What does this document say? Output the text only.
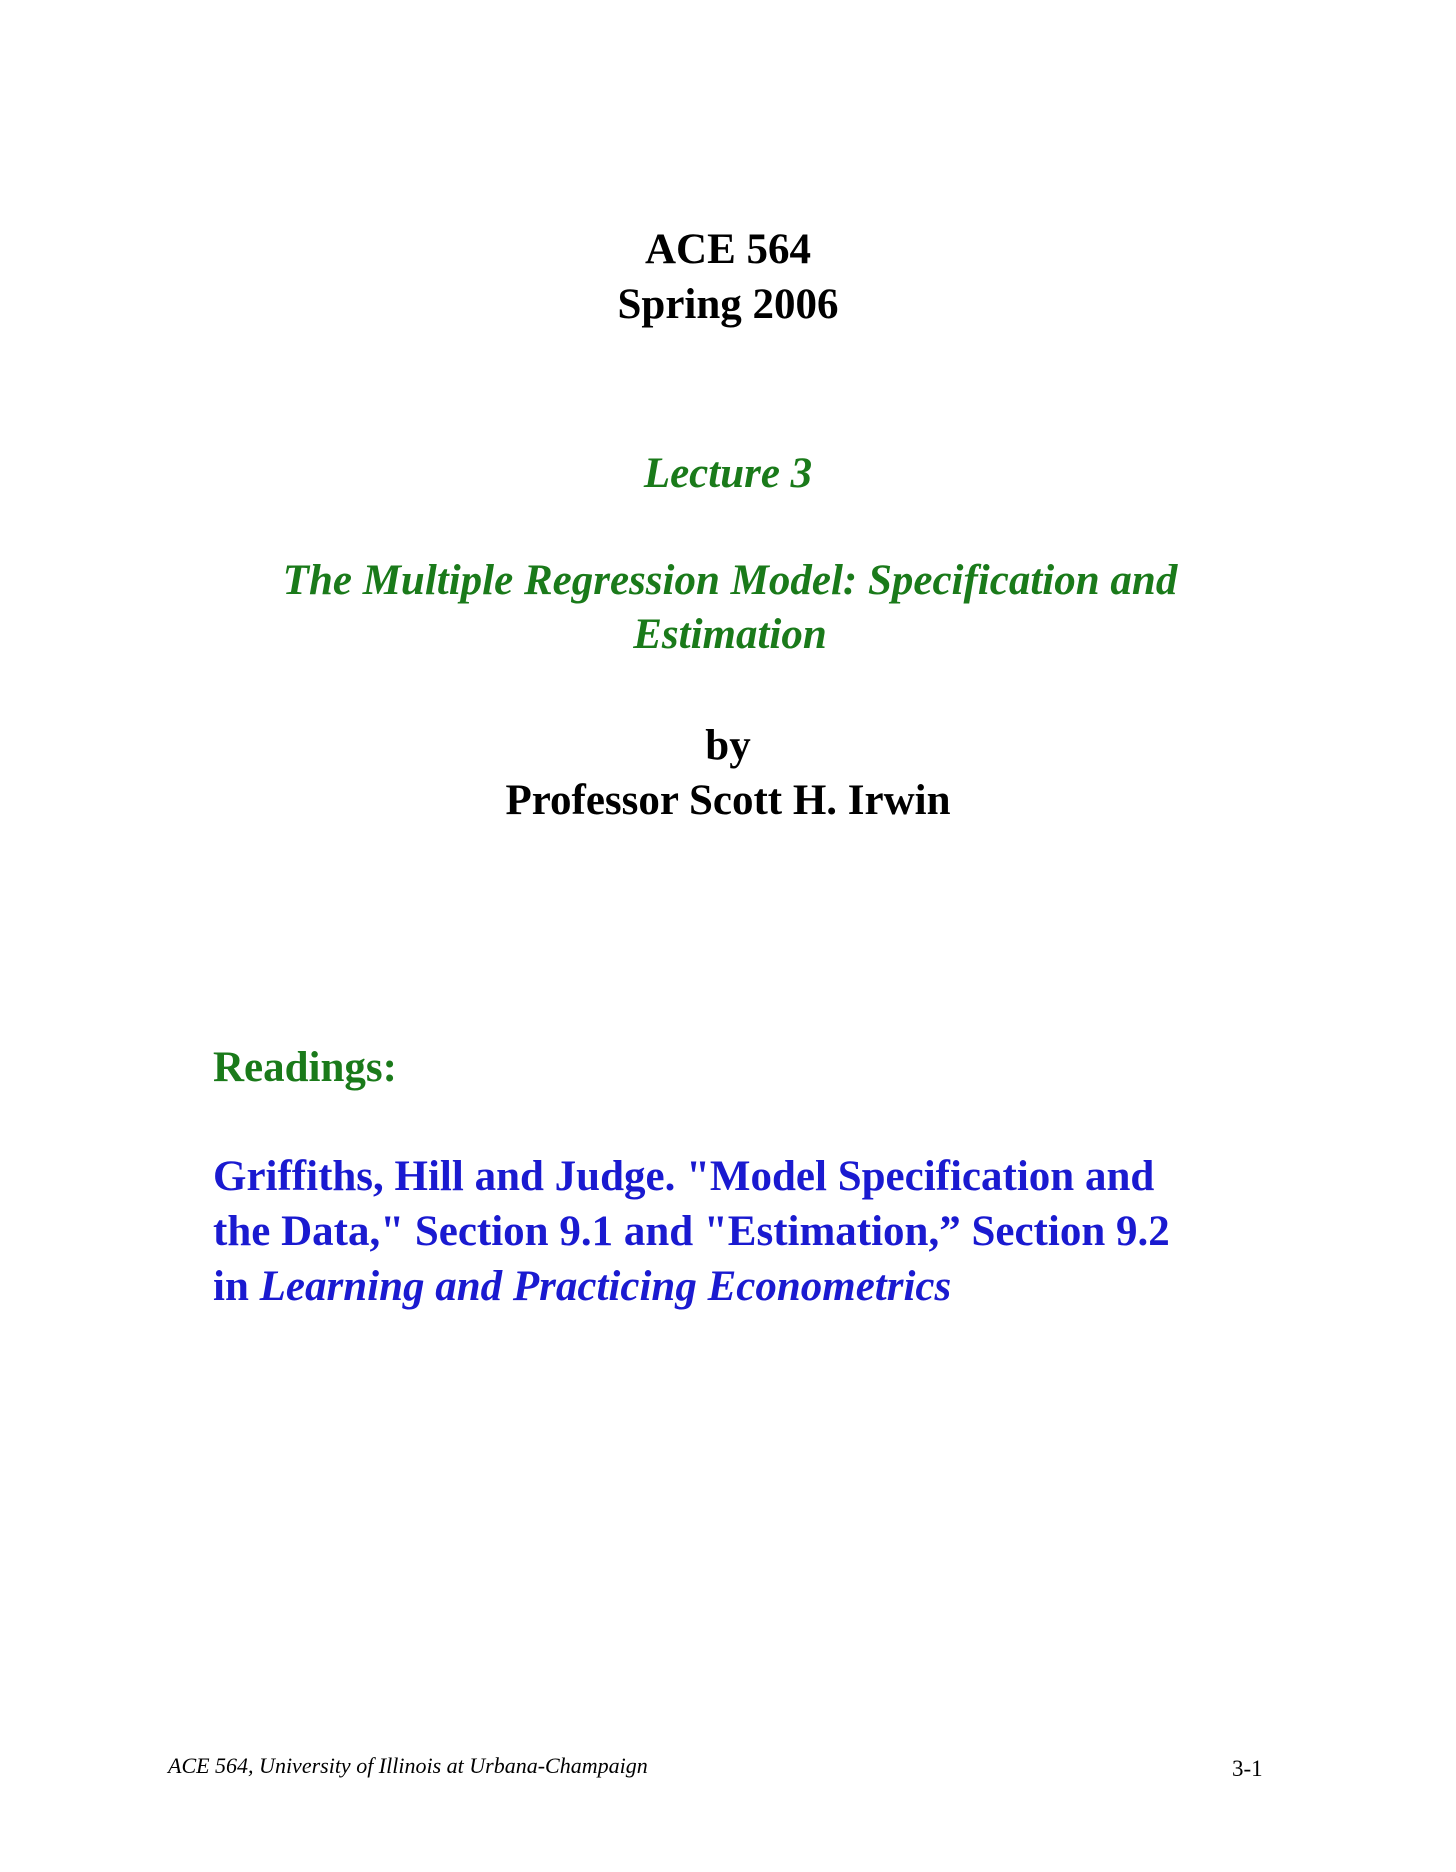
ACE 564
Spring 2006
Lecture 3
The Multiple Regression Model: Specification and
Estimation
by
Professor Scott H. Irwin
Readings:
Griffiths, Hill and Judge. "Model Specification and
the Data," Section 9.1 and "Estimation,” Section 9.2
in Learning and Practicing Econometrics
ACE 564, University of Illinois at Urbana-Champaign	3-1
